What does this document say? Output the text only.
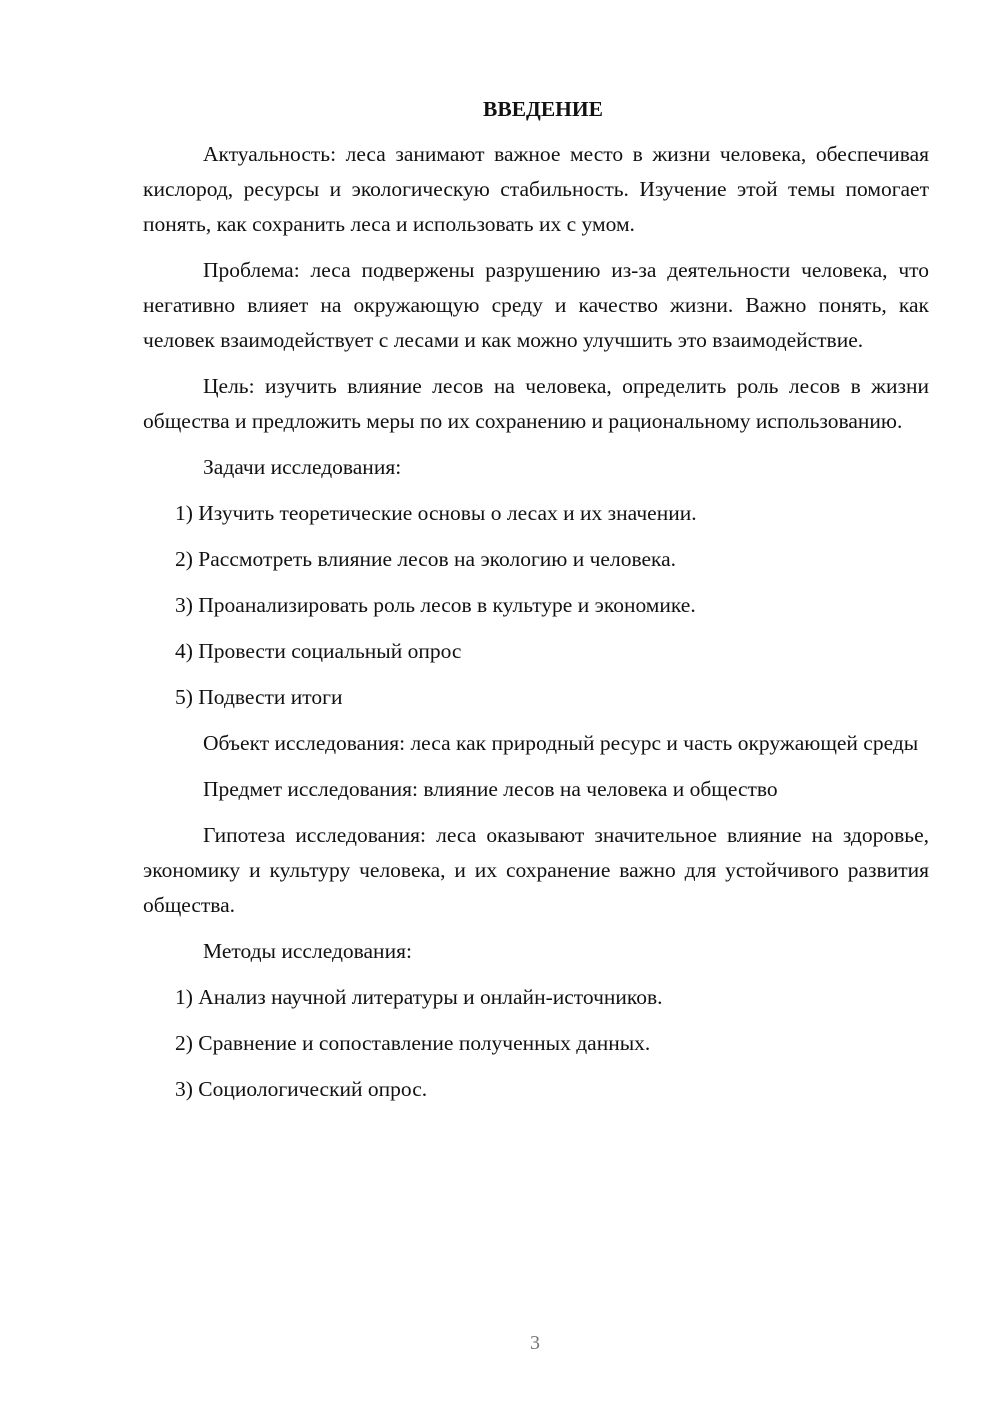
ВВЕДЕНИЕ

Актуальность: леса занимают важное место в жизни человека, обеспечивая кислород, ресурсы и экологическую стабильность. Изучение этой темы помогает понять, как сохранить леса и использовать их с умом.

Проблема: леса подвержены разрушению из-за деятельности человека, что негативно влияет на окружающую среду и качество жизни. Важно понять, как человек взаимодействует с лесами и как можно улучшить это взаимодействие.

Цель: изучить влияние лесов на человека, определить роль лесов в жизни общества и предложить меры по их сохранению и рациональному использованию.

Задачи исследования:

1) Изучить теоретические основы о лесах и их значении.
2) Рассмотреть влияние лесов на экологию и человека.
3) Проанализировать роль лесов в культуре и экономике.
4) Провести социальный опрос
5) Подвести итоги

Объект исследования: леса как природный ресурс и часть окружающей среды

Предмет исследования: влияние лесов на человека и общество

Гипотеза исследования: леса оказывают значительное влияние на здоровье, экономику и культуру человека, и их сохранение важно для устойчивого развития общества.

Методы исследования:

1) Анализ научной литературы и онлайн-источников.
2) Сравнение и сопоставление полученных данных.
3) Социологический опрос.
3
